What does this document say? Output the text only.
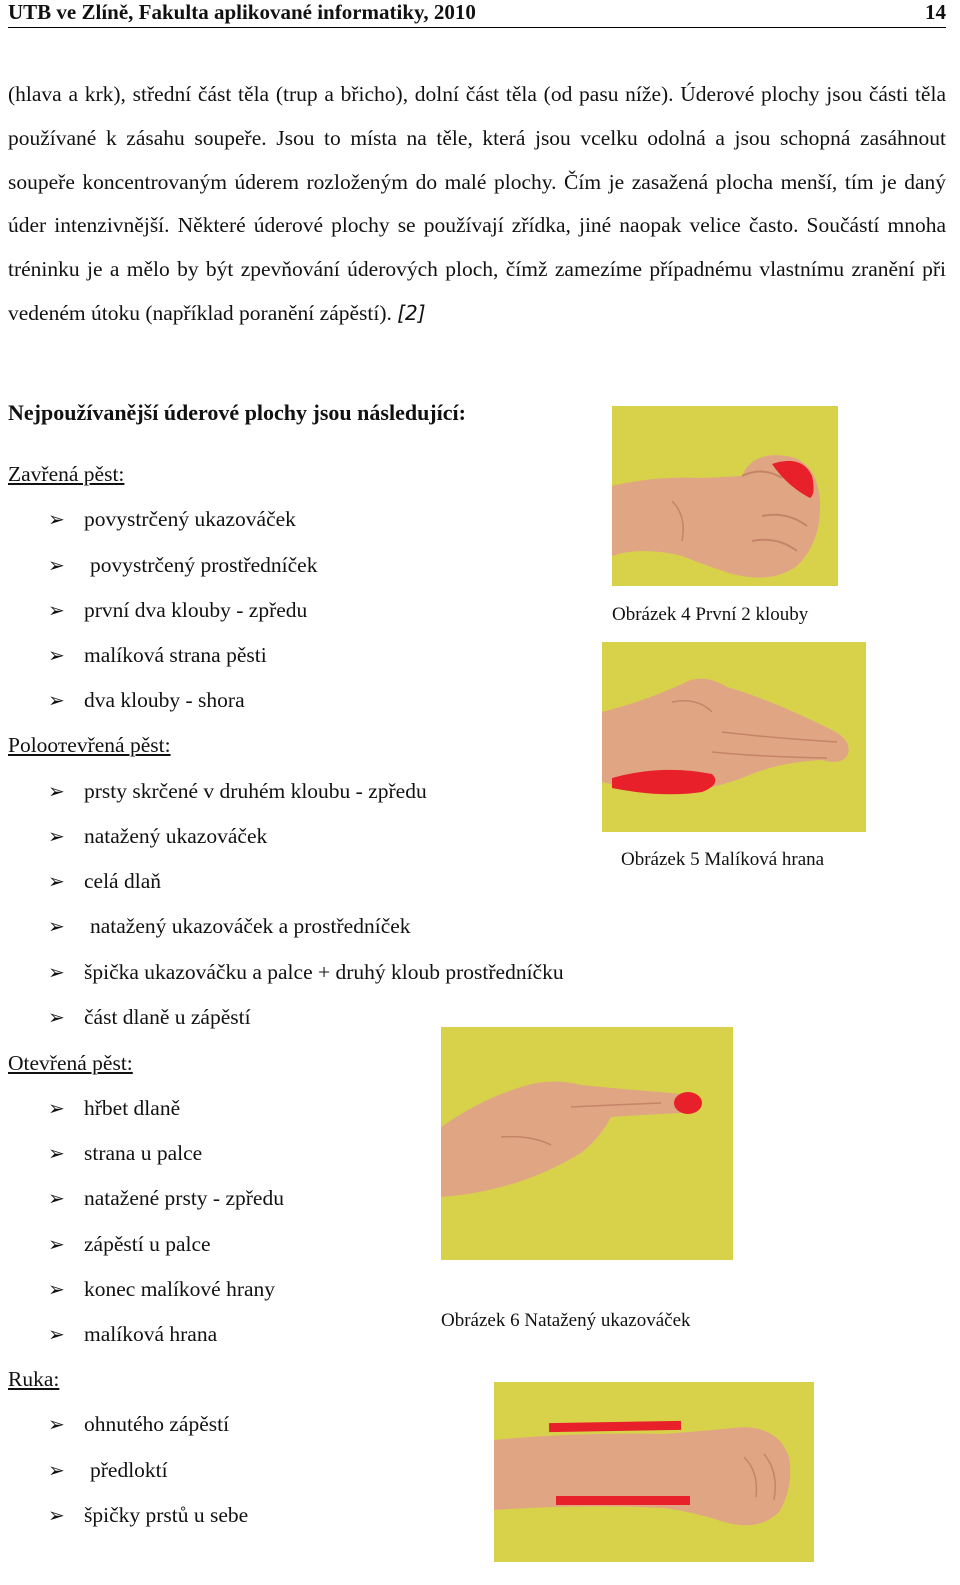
UTB ve Zlíně, Fakulta aplikované informatiky, 2010	14

(hlava a krk), střední část těla (trup a břicho), dolní část těla (od pasu níže). Úderové plochy jsou části těla používané k zásahu soupeře. Jsou to místa na těle, která jsou vcelku odolná a jsou schopná zasáhnout soupeře koncentrovaným úderem rozloženým do malé plochy. Čím je zasažená plocha menší, tím je daný úder intenzivnější. Některé úderové plochy se používají zřídka, jiné naopak velice často. Součástí mnoha tréninku je a mělo by být zpevňování úderových ploch, čímž zamezíme případnému vlastnímu zranění při vedeném útoku (například poranění zápěstí). [2]

Nejpoužívanější úderové plochy jsou následující:
Zavřená pěst:
➢ povystrčený ukazováček
➢ povystrčený prostředníček
➢ první dva klouby - zpředu
➢ malíková strana pěsti
➢ dva klouby - shora
Poloотevřená pěst:
➢ prsty skrčené v druhém kloubu - zpředu
➢ natažený ukazováček
➢ celá dlaň
➢ natažený ukazováček a prostředníček
➢ špička ukazováčku a palce + druhý kloub prostředníčku
➢ část dlaně u zápěstí
Otevřená pěst:
➢ hřbet dlaně
➢ strana u palce
➢ natažené prsty - zpředu
➢ zápěstí u palce
➢ konec malíkové hrany
➢ malíková hrana
Ruka:
➢ ohnutého zápěstí
➢ předloktí
➢ špičky prstů u sebe
Obrázek 4 První 2 klouby
Obrázek 5 Malíková hrana
Obrázek 6 Natažený ukazováček
